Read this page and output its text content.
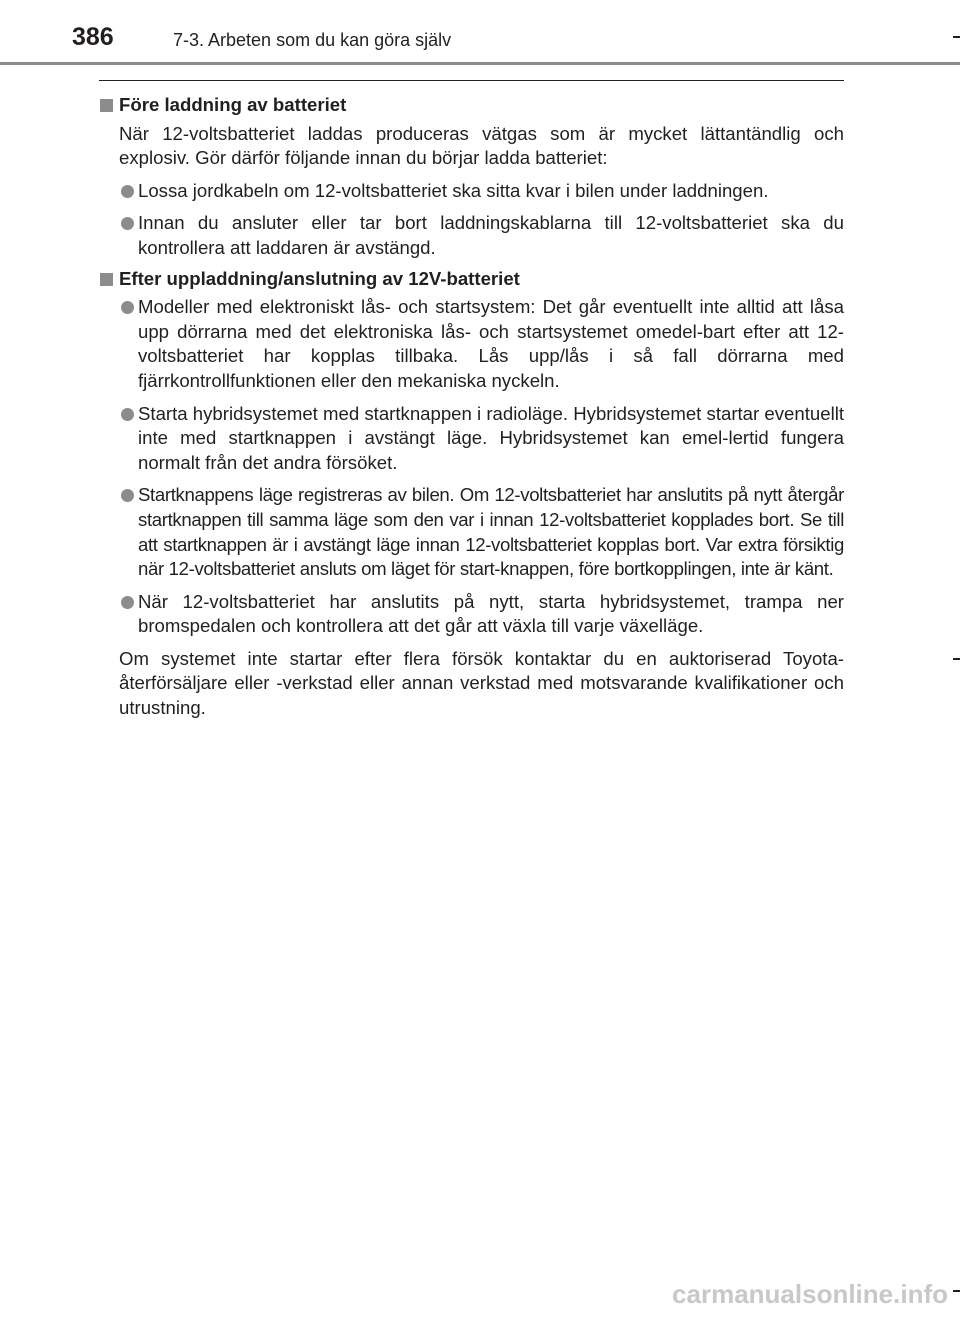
386	7-3. Arbeten som du kan göra själv
Före laddning av batteriet
När 12-voltsbatteriet laddas produceras vätgas som är mycket lättantändlig och explosiv. Gör därför följande innan du börjar ladda batteriet:
Lossa jordkabeln om 12-voltsbatteriet ska sitta kvar i bilen under laddningen.
Innan du ansluter eller tar bort laddningskablarna till 12-voltsbatteriet ska du kontrollera att laddaren är avstängd.
Efter uppladdning/anslutning av 12V-batteriet
Modeller med elektroniskt lås- och startsystem: Det går eventuellt inte alltid att låsa upp dörrarna med det elektroniska lås- och startsystemet omedel-bart efter att 12-voltsbatteriet har kopplas tillbaka. Lås upp/lås i så fall dörrarna med fjärrkontrollfunktionen eller den mekaniska nyckeln.
Starta hybridsystemet med startknappen i radioläge. Hybridsystemet startar eventuellt inte med startknappen i avstängt läge. Hybridsystemet kan emel-lertid fungera normalt från det andra försöket.
Startknappens läge registreras av bilen. Om 12-voltsbatteriet har anslutits på nytt återgår startknappen till samma läge som den var i innan 12-voltsbatteriet kopplades bort. Se till att startknappen är i avstängt läge innan 12-voltsbatteriet kopplas bort. Var extra försiktig när 12-voltsbatteriet ansluts om läget för start-knappen, före bortkopplingen, inte är känt.
När 12-voltsbatteriet har anslutits på nytt, starta hybridsystemet, trampa ner bromspedalen och kontrollera att det går att växla till varje växelläge.
Om systemet inte startar efter flera försök kontaktar du en auktoriserad Toyota-återförsäljare eller -verkstad eller annan verkstad med motsvarande kvalifikationer och utrustning.
carmanualsonline.info
